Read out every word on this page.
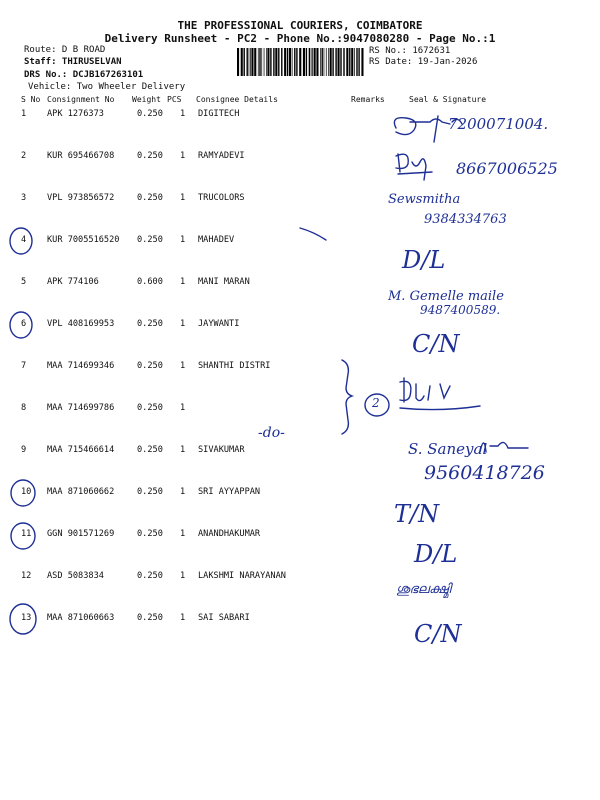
THE PROFESSIONAL COURIERS, COIMBATORE
Delivery Runsheet - PC2 - Phone No.:9047080280 - Page No.:1
Route: D B ROAD
Staff: THIRUSELVAN
DRS No.: DCJB167263101
Vehicle: Two Wheeler Delivery
RS No.: 1672631
RS Date: 19-Jan-2026
S No Consignment No Weight PCS Consignee Details	Remarks	Seal & Signature
1 APK 1276373	0.250 1 DIGITECH
2 KUR 695466708	0.250 1 RAMYADEVI
3 VPL 973856572	0.250 1 TRUCOLORS
4 KUR 7005516520 0.250 1 MAHADEV
5 APK 774106	0.600 1 MANI MARAN
6 VPL 408169953	0.250 1 JAYWANTI
7 MAA 714699346	0.250 1 SHANTHI DISTRI
8 MAA 714699786	0.250 1
9 MAA 715466614	0.250 1 SIVAKUMAR
10 MAA 871060662	0.250 1 SRI AYYAPPAN
11 GGN 901571269	0.250 1 ANANDHAKUMAR
12 ASD 5083834	0.250 1 LAKSHMI NARAYANAN
13 MAA 871060663	0.250 1 SAI SABARI
7200071004.
8667006525
Sewsmitha
9384334763
D/L
M. Gemelle maile
9487400589.
C/N
-do-
2
S. Saneyal
9560418726
T/N
D/L
ശുഭലക്ഷ്മി
C/N
